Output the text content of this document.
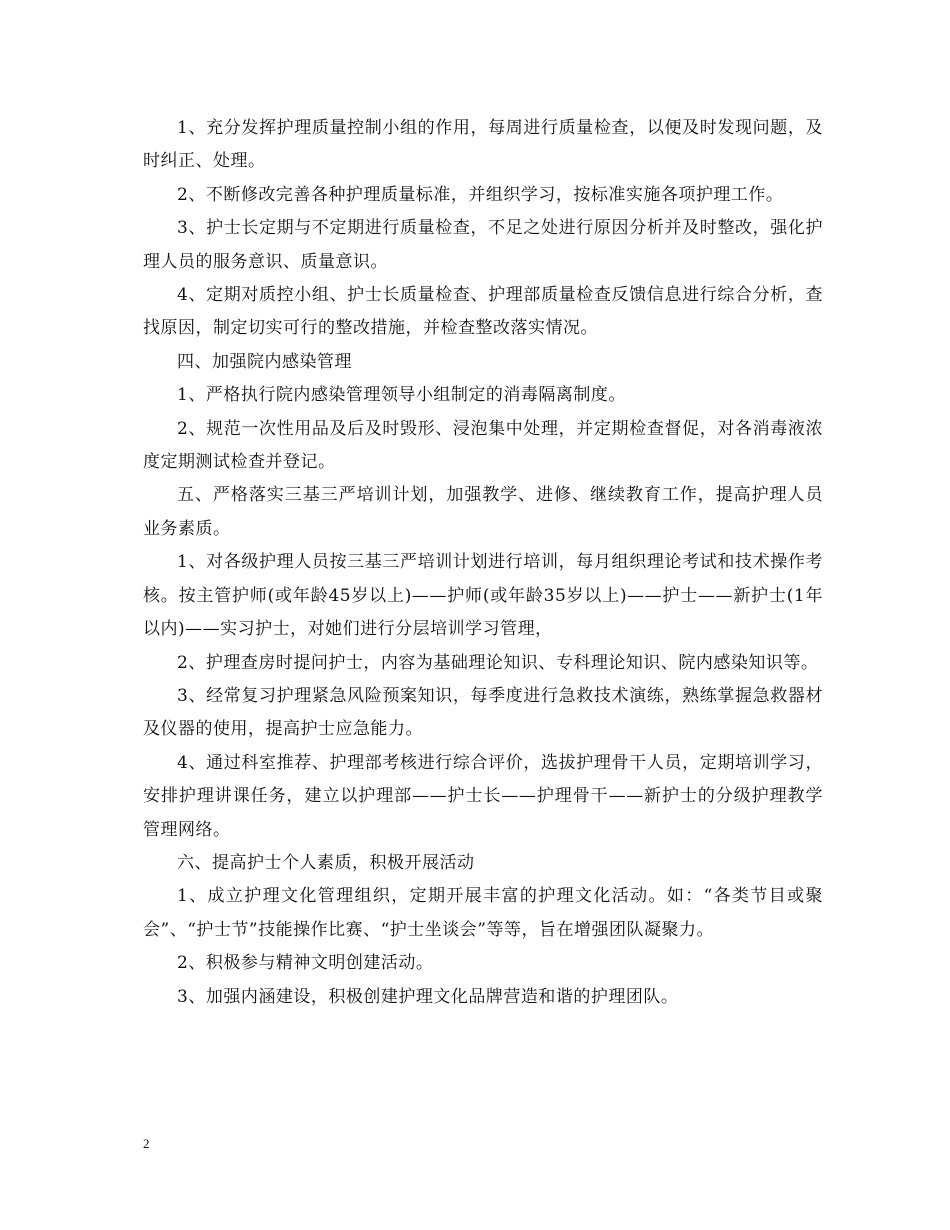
1、充分发挥护理质量控制小组的作用，每周进行质量检查，以便及时发现问题，及时纠正、处理。

2、不断修改完善各种护理质量标准，并组织学习，按标准实施各项护理工作。

3、护士长定期与不定期进行质量检查，不足之处进行原因分析并及时整改，强化护理人员的服务意识、质量意识。

4、定期对质控小组、护士长质量检查、护理部质量检查反馈信息进行综合分析，查找原因，制定切实可行的整改措施，并检查整改落实情况。

四、加强院内感染管理

1、严格执行院内感染管理领导小组制定的消毒隔离制度。

2、规范一次性用品及后及时毁形、浸泡集中处理，并定期检查督促，对各消毒液浓度定期测试检查并登记。

五、严格落实三基三严培训计划，加强教学、进修、继续教育工作，提高护理人员业务素质。

1、对各级护理人员按三基三严培训计划进行培训，每月组织理论考试和技术操作考核。按主管护师(或年龄45岁以上)——护师(或年龄35岁以上)——护士——新护士(1年以内)——实习护士，对她们进行分层培训学习管理，

2、护理查房时提问护士，内容为基础理论知识、专科理论知识、院内感染知识等。

3、经常复习护理紧急风险预案知识，每季度进行急救技术演练，熟练掌握急救器材及仪器的使用，提高护士应急能力。

4、通过科室推荐、护理部考核进行综合评价，选拔护理骨干人员，定期培训学习，安排护理讲课任务，建立以护理部——护士长——护理骨干——新护士的分级护理教学管理网络。

六、提高护士个人素质，积极开展活动

1、成立护理文化管理组织，定期开展丰富的护理文化活动。如：“各类节目或聚会”、“护士节”技能操作比赛、“护士坐谈会”等等，旨在增强团队凝聚力。

2、积极参与精神文明创建活动。

3、加强内涵建设，积极创建护理文化品牌营造和谐的护理团队。

2
